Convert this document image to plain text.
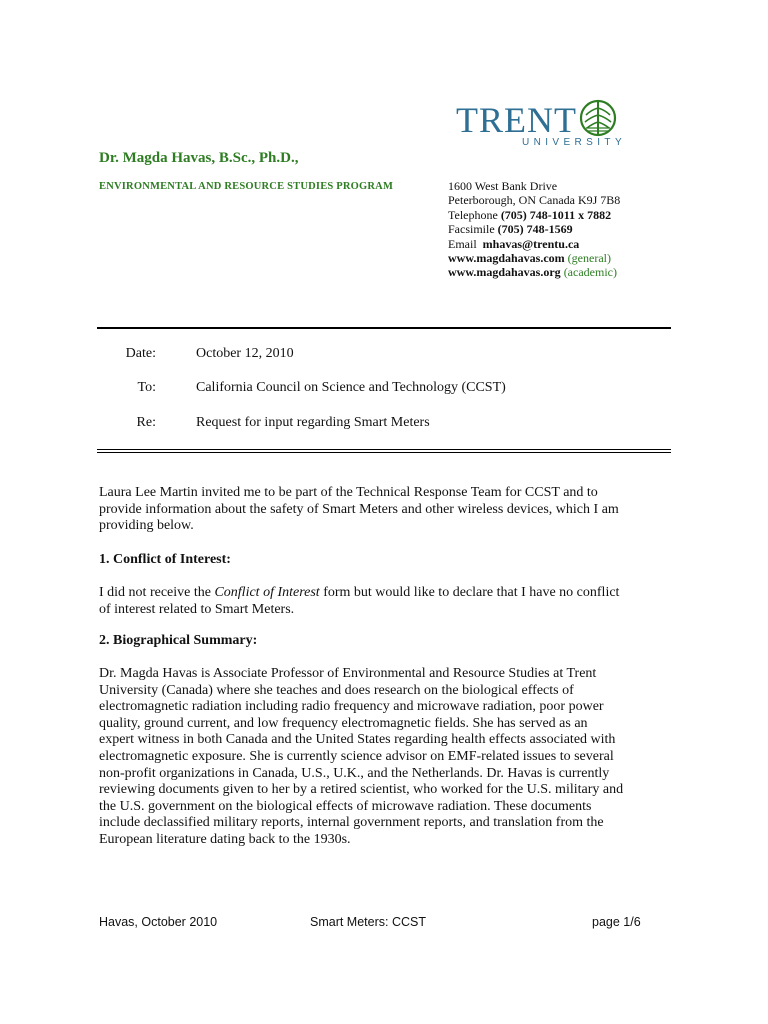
TRENT
UNIVERSITY
Dr. Magda Havas, B.Sc., Ph.D.,
ENVIRONMENTAL AND RESOURCE STUDIES PROGRAM	1600 West Bank Drive
Peterborough, ON Canada K9J 7B8
Telephone (705) 748-1011 x 7882
Facsimile (705) 748-1569
Email mhavas@trentu.ca
www.magdahavas.com (general)
www.magdahavas.org (academic)
Date:	October 12, 2010
To:	California Council on Science and Technology (CCST)
Re:	Request for input regarding Smart Meters
Laura Lee Martin invited me to be part of the Technical Response Team for CCST and to
provide information about the safety of Smart Meters and other wireless devices, which I am
providing below.
1. Conflict of Interest:
I did not receive the Conflict of Interest form but would like to declare that I have no conflict
of interest related to Smart Meters.
2. Biographical Summary:
Dr. Magda Havas is Associate Professor of Environmental and Resource Studies at Trent
University (Canada) where she teaches and does research on the biological effects of
electromagnetic radiation including radio frequency and microwave radiation, poor power
quality, ground current, and low frequency electromagnetic fields. She has served as an
expert witness in both Canada and the United States regarding health effects associated with
electromagnetic exposure. She is currently science advisor on EMF-related issues to several
non-profit organizations in Canada, U.S., U.K., and the Netherlands. Dr. Havas is currently
reviewing documents given to her by a retired scientist, who worked for the U.S. military and
the U.S. government on the biological effects of microwave radiation. These documents
include declassified military reports, internal government reports, and translation from the
European literature dating back to the 1930s.
Havas, October 2010	Smart Meters: CCST	page 1/6
